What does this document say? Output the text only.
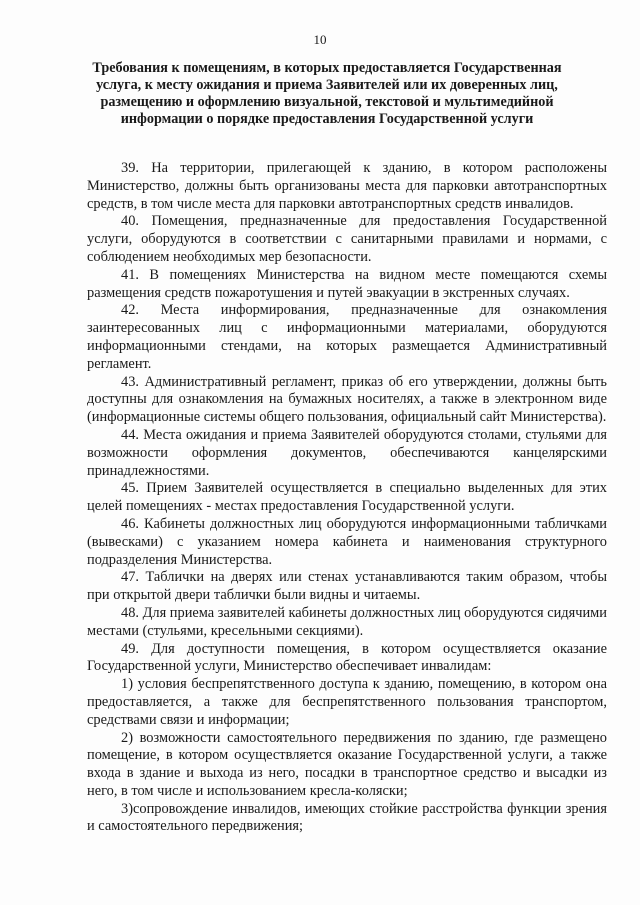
10
Требования к помещениям, в которых предоставляется Государственная услуга, к месту ожидания и приема Заявителей или их доверенных лиц, размещению и оформлению визуальной, текстовой и мультимедийной информации о порядке предоставления Государственной услуги

39. На территории, прилегающей к зданию, в котором расположены Министерство, должны быть организованы места для парковки автотранспортных средств, в том числе места для парковки автотранспортных средств инвалидов.

40. Помещения, предназначенные для предоставления Государственной услуги, оборудуются в соответствии с санитарными правилами и нормами, с соблюдением необходимых мер безопасности.

41. В помещениях Министерства на видном месте помещаются схемы размещения средств пожаротушения и путей эвакуации в экстренных случаях.

42. Места информирования, предназначенные для ознакомления заинтересованных лиц с информационными материалами, оборудуются информационными стендами, на которых размещается Административный регламент.

43. Административный регламент, приказ об его утверждении, должны быть доступны для ознакомления на бумажных носителях, а также в электронном виде (информационные системы общего пользования, официальный сайт Министерства).

44. Места ожидания и приема Заявителей оборудуются столами, стульями для возможности оформления документов, обеспечиваются канцелярскими принадлежностями.

45. Прием Заявителей осуществляется в специально выделенных для этих целей помещениях - местах предоставления Государственной услуги.

46. Кабинеты должностных лиц оборудуются информационными табличками (вывесками) с указанием номера кабинета и наименования структурного подразделения Министерства.

47. Таблички на дверях или стенах устанавливаются таким образом, чтобы при открытой двери таблички были видны и читаемы.

48. Для приема заявителей кабинеты должностных лиц оборудуются сидячими местами (стульями, кресельными секциями).

49. Для доступности помещения, в котором осуществляется оказание Государственной услуги, Министерство обеспечивает инвалидам:

1) условия беспрепятственного доступа к зданию, помещению, в котором она предоставляется, а также для беспрепятственного пользования транспортом, средствами связи и информации;

2) возможности самостоятельного передвижения по зданию, где размещено помещение, в котором осуществляется оказание Государственной услуги, а также входа в здание и выхода из него, посадки в транспортное средство и высадки из него, в том числе и использованием кресла-коляски;

3)сопровождение инвалидов, имеющих стойкие расстройства функции зрения и самостоятельного передвижения;
